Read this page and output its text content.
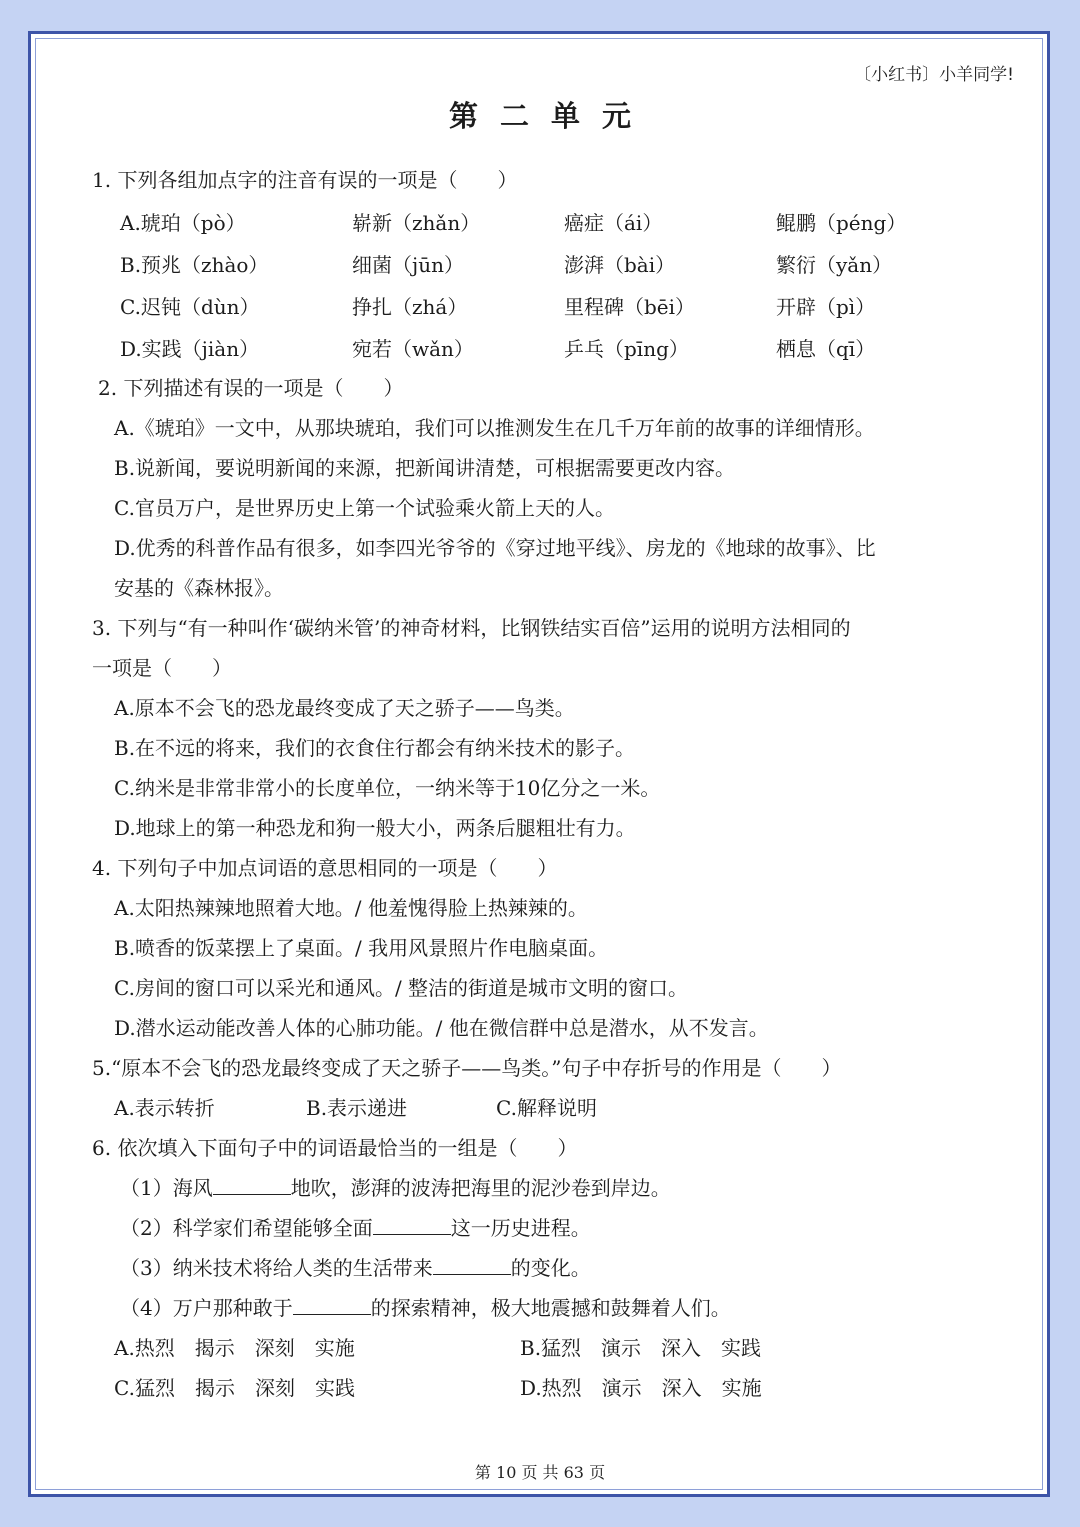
〔小红书〕小羊同学!
第二单元

1. 下列各组加点字的注音有误的一项是（　　）

A.琥珀（pò）	崭新（zhǎn）	癌症（ái）	鲲鹏（péng）
B.预兆（zhào）	细菌（jūn）	澎湃（bài）	繁衍（yǎn）
C.迟钝（dùn）	挣扎（zhá）	里程碑（bēi）	开辟（pì）
D.实践（jiàn）	宛若（wǎn）	乒乓（pīng）	栖息（qī）

2. 下列描述有误的一项是（　　）

A.《琥珀》一文中，从那块琥珀，我们可以推测发生在几千万年前的故事的详细情形。

B.说新闻，要说明新闻的来源，把新闻讲清楚，可根据需要更改内容。

C.官员万户，是世界历史上第一个试验乘火箭上天的人。

D.优秀的科普作品有很多，如李四光爷爷的《穿过地平线》、房龙的《地球的故事》、比

安基的《森林报》。

3. 下列与“有一种叫作‘碳纳米管’的神奇材料，比钢铁结实百倍”运用的说明方法相同的

一项是（　　）

A.原本不会飞的恐龙最终变成了天之骄子——鸟类。

B.在不远的将来，我们的衣食住行都会有纳米技术的影子。

C.纳米是非常非常小的长度单位，一纳米等于10亿分之一米。

D.地球上的第一种恐龙和狗一般大小，两条后腿粗壮有力。

4. 下列句子中加点词语的意思相同的一项是（　　）

A.太阳热辣辣地照着大地。/ 他羞愧得脸上热辣辣的。

B.喷香的饭菜摆上了桌面。/ 我用风景照片作电脑桌面。

C.房间的窗口可以采光和通风。/ 整洁的街道是城市文明的窗口。

D.潜水运动能改善人体的心肺功能。/ 他在微信群中总是潜水，从不发言。

5.“原本不会飞的恐龙最终变成了天之骄子——鸟类。”句子中存折号的作用是（　　）

A.表示转折	B.表示递进	C.解释说明

6. 依次填入下面句子中的词语最恰当的一组是（　　）

（1）海风	地吹，澎湃的波涛把海里的泥沙卷到岸边。
（2）科学家们希望能够全面	这一历史进程。
（3）纳米技术将给人类的生活带来	的变化。
（4）万户那种敢于	的探索精神，极大地震撼和鼓舞着人们。
A.热烈　揭示　深刻　实施	B.猛烈　演示　深入　实践
C.猛烈　揭示　深刻　实践	D.热烈　演示　深入　实施
第 10 页 共 63 页
